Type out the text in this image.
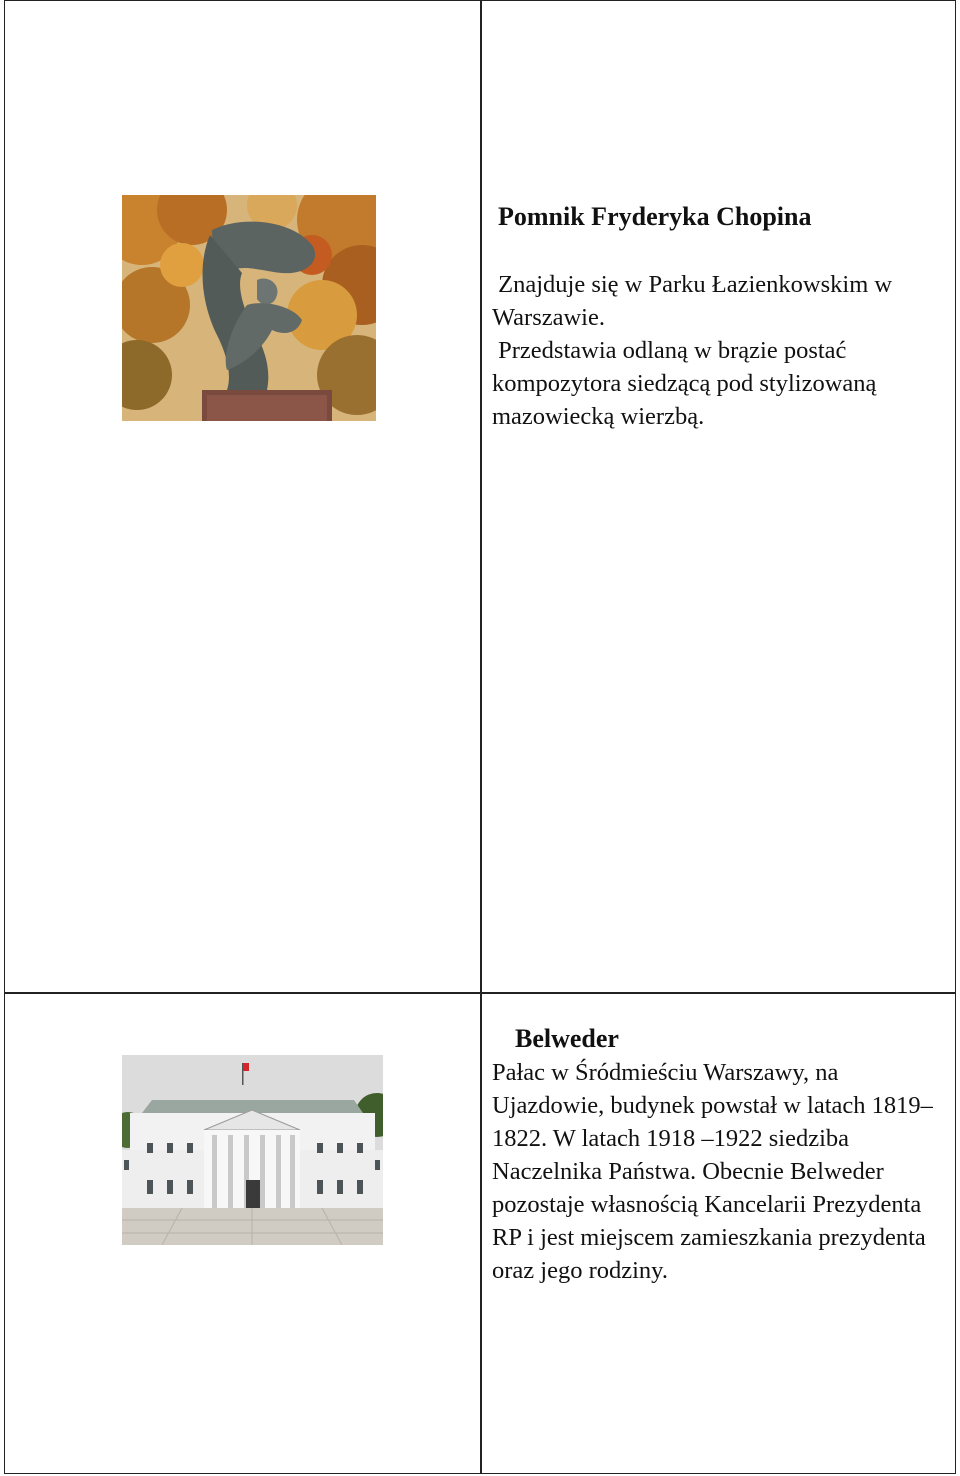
Pomnik Fryderyka Chopina
Znajduje się w Parku Łazienkowskim w Warszawie.
Przedstawia odlaną w brązie postać kompozytora siedzącą pod stylizowaną mazowiecką wierzbą.
Belweder
Pałac w Śródmieściu Warszawy, na Ujazdowie, budynek powstał w latach 1819–1822. W latach 1918 –1922 siedziba Naczelnika Państwa. Obecnie Belweder pozostaje własnością Kancelarii Prezydenta RP i jest miejscem zamieszkania prezydenta oraz jego rodziny.
